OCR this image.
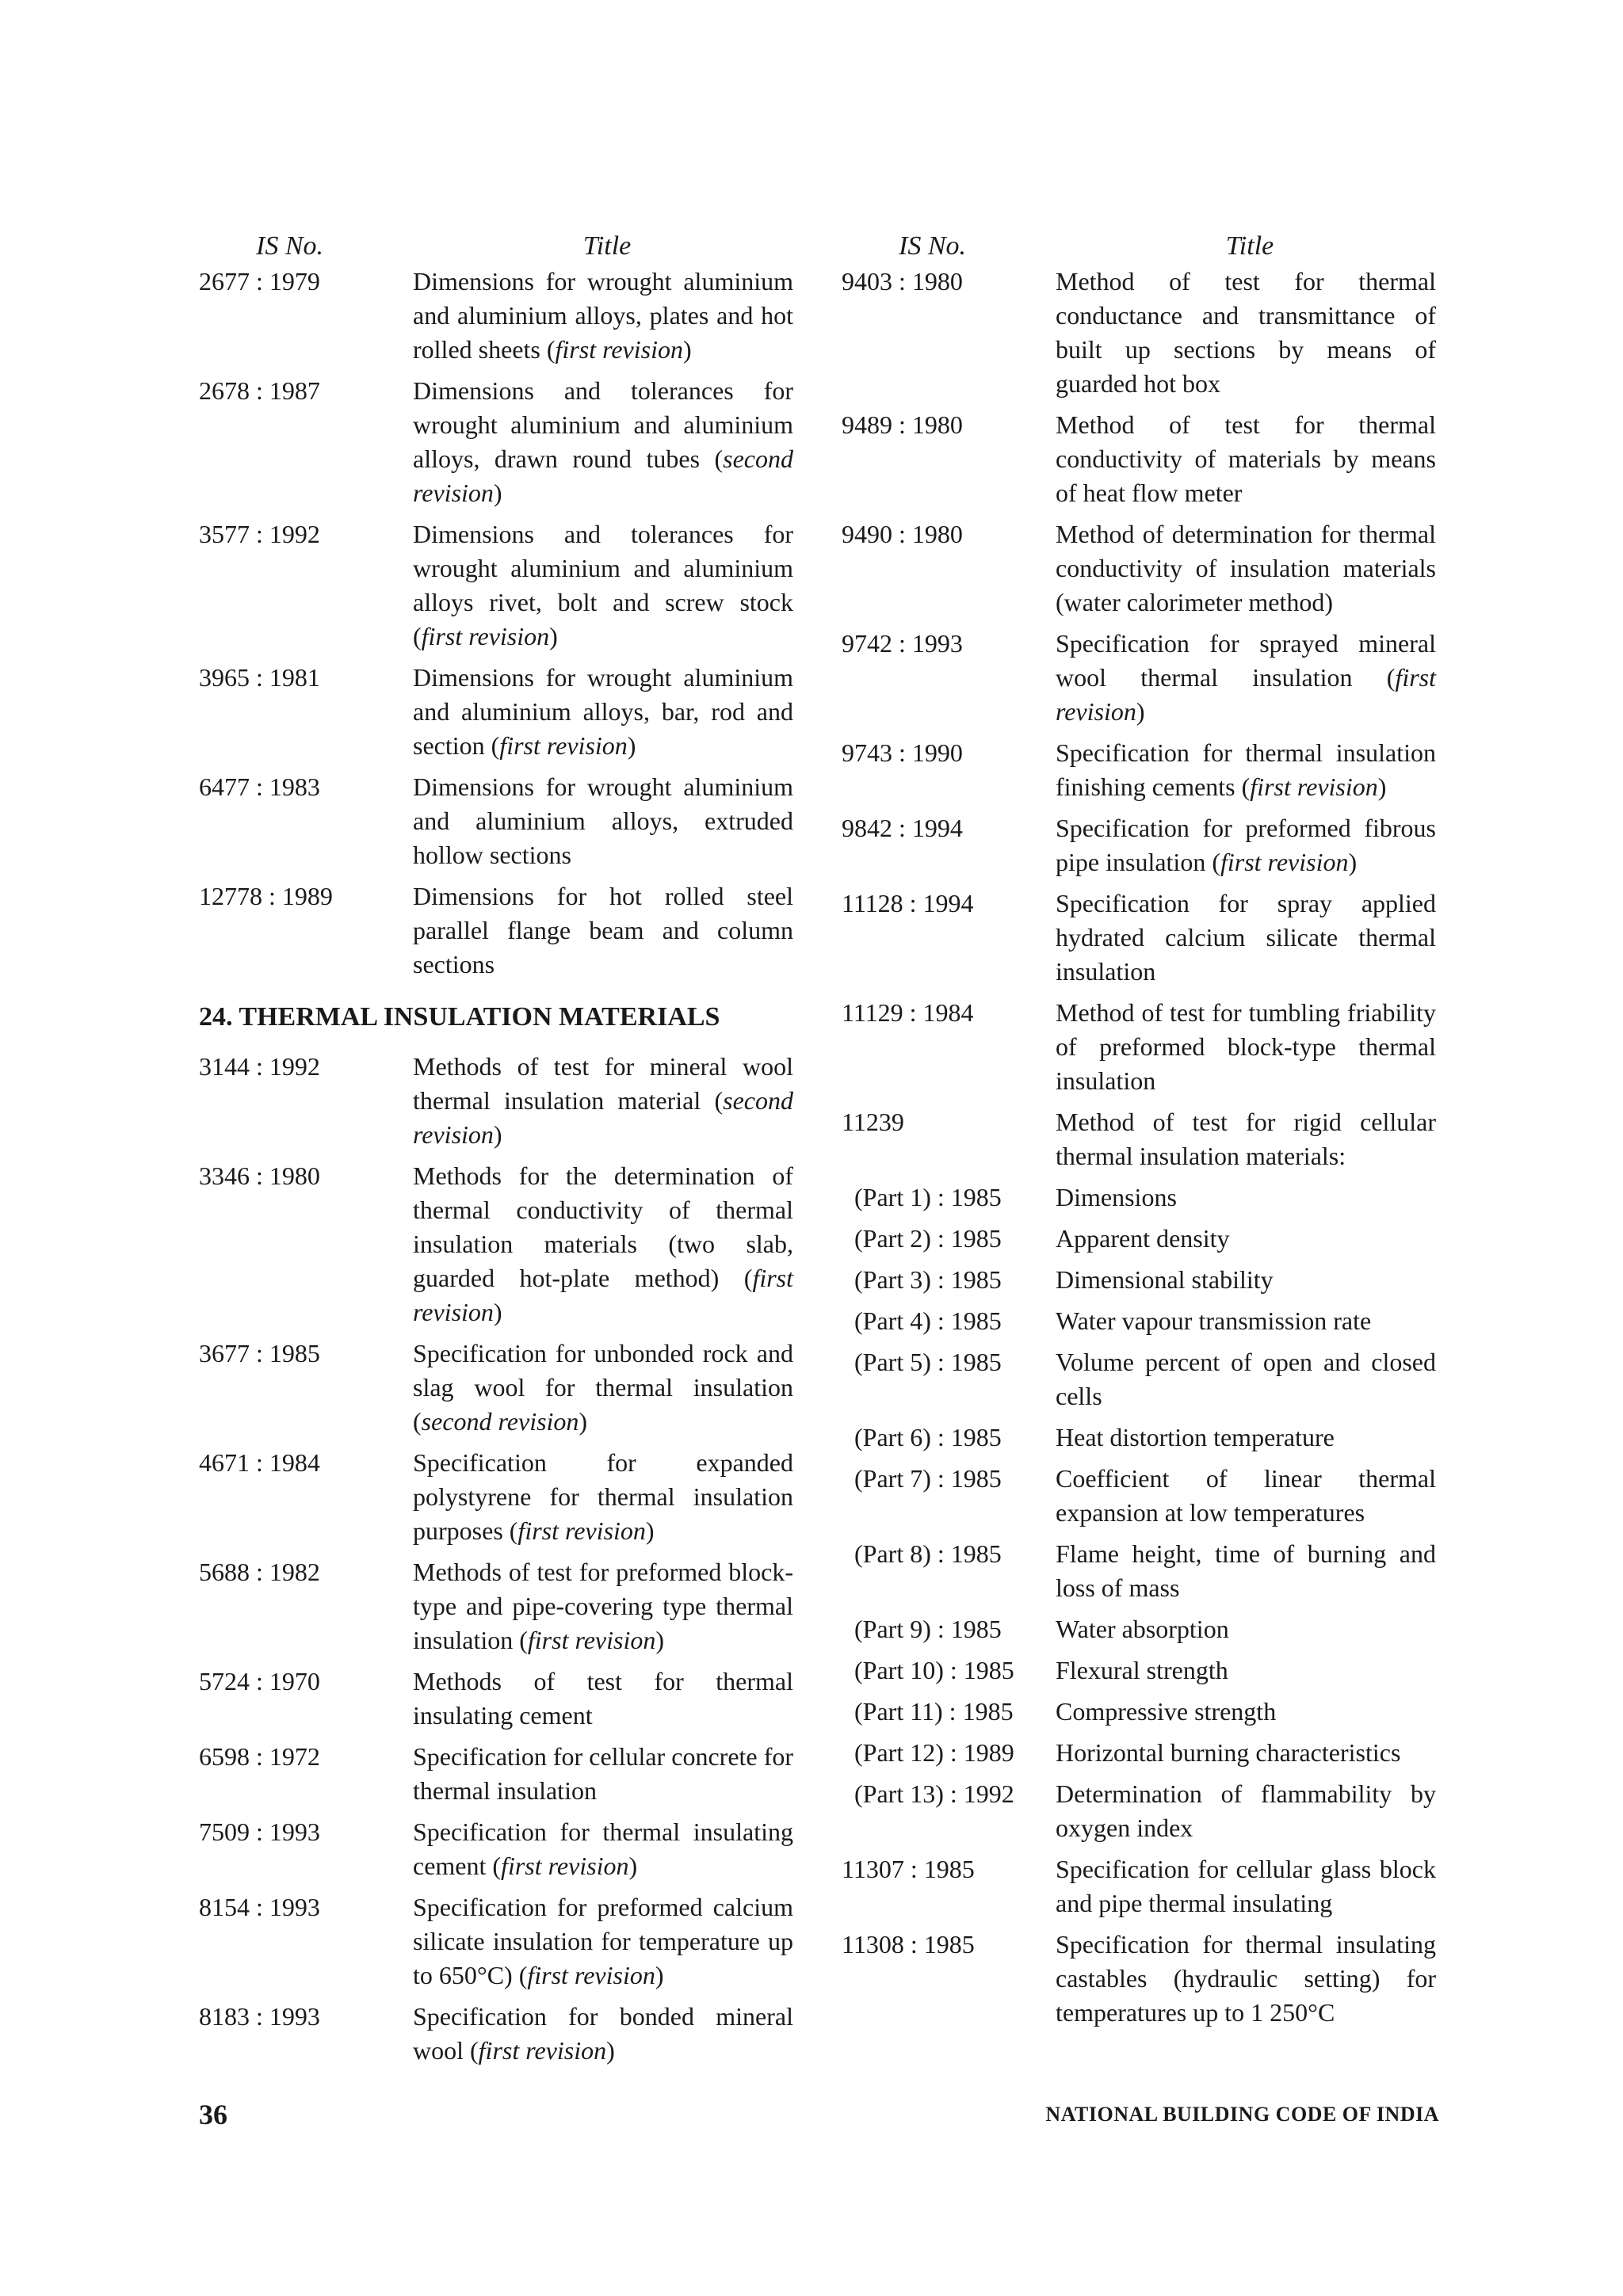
IS No.	Title
2677 : 1979	Dimensions for wrought aluminium and aluminium alloys, plates and hot rolled sheets (first revision)
2678 : 1987	Dimensions and tolerances for wrought aluminium and aluminium alloys, drawn round tubes (second revision)
3577 : 1992	Dimensions and tolerances for wrought aluminium and aluminium alloys rivet, bolt and screw stock (first revision)
3965 : 1981	Dimensions for wrought aluminium and aluminium alloys, bar, rod and section (first revision)
6477 : 1983	Dimensions for wrought aluminium and aluminium alloys, extruded hollow sections
12778 : 1989	Dimensions for hot rolled steel parallel flange beam and column sections
24. THERMAL INSULATION MATERIALS
3144 : 1992	Methods of test for mineral wool thermal insulation material (second revision)
3346 : 1980	Methods for the determination of thermal conductivity of thermal insulation materials (two slab, guarded hot-plate method) (first revision)
3677 : 1985	Specification for unbonded rock and slag wool for thermal insulation (second revision)
4671 : 1984	Specification for expanded polystyrene for thermal insulation purposes (first revision)
5688 : 1982	Methods of test for preformed block-type and pipe-covering type thermal insulation (first revision)
5724 : 1970	Methods of test for thermal insulating cement
6598 : 1972	Specification for cellular concrete for thermal insulation
7509 : 1993	Specification for thermal insulating cement (first revision)
8154 : 1993	Specification for preformed calcium silicate insulation for temperature up to 650°C) (first revision)
8183 : 1993	Specification for bonded mineral wool (first revision)
IS No.	Title
9403 : 1980	Method of test for thermal conductance and transmittance of built up sections by means of guarded hot box
9489 : 1980	Method of test for thermal conductivity of materials by means of heat flow meter
9490 : 1980	Method of determination for thermal conductivity of insulation materials (water calorimeter method)
9742 : 1993	Specification for sprayed mineral wool thermal insulation (first revision)
9743 : 1990	Specification for thermal insulation finishing cements (first revision)
9842 : 1994	Specification for preformed fibrous pipe insulation (first revision)
11128 : 1994	Specification for spray applied hydrated calcium silicate thermal insulation
11129 : 1984	Method of test for tumbling friability of preformed block-type thermal insulation
11239	Method of test for rigid cellular thermal insulation materials:
(Part 1) : 1985	Dimensions
(Part 2) : 1985	Apparent density
(Part 3) : 1985	Dimensional stability
(Part 4) : 1985	Water vapour transmission rate
(Part 5) : 1985	Volume percent of open and closed cells
(Part 6) : 1985	Heat distortion temperature
(Part 7) : 1985	Coefficient of linear thermal expansion at low temperatures
(Part 8) : 1985	Flame height, time of burning and loss of mass
(Part 9) : 1985	Water absorption
(Part 10) : 1985	Flexural strength
(Part 11) : 1985	Compressive strength
(Part 12) : 1989	Horizontal burning characteristics
(Part 13) : 1992	Determination of flammability by oxygen index
11307 : 1985	Specification for cellular glass block and pipe thermal insulating
11308 : 1985	Specification for thermal insulating castables (hydraulic setting) for temperatures up to 1 250°C
36	NATIONAL BUILDING CODE OF INDIA
